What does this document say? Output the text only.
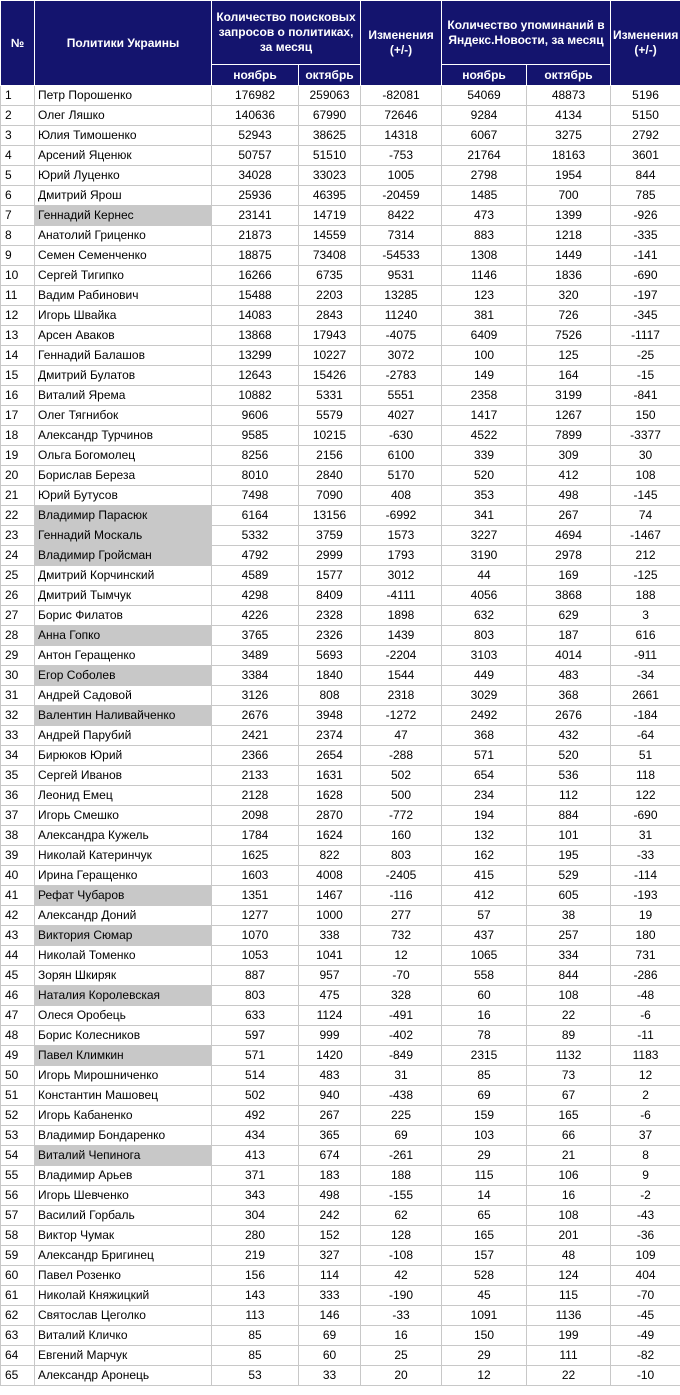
№	Политики Украины	Количество поисковых запросов о политиках, за месяц		Изменения (+/-)	Количество упоминаний в Яндекс.Новости, за месяц		Изменения (+/-)
		ноябрь	октябрь		ноябрь	октябрь	
1	Петр Порошенко	176982	259063	-82081	54069	48873	5196
2	Олег Ляшко	140636	67990	72646	9284	4134	5150
3	Юлия Тимошенко	52943	38625	14318	6067	3275	2792
4	Арсений Яценюк	50757	51510	-753	21764	18163	3601
5	Юрий Луценко	34028	33023	1005	2798	1954	844
6	Дмитрий Ярош	25936	46395	-20459	1485	700	785
7	Геннадий Кернес	23141	14719	8422	473	1399	-926
8	Анатолий Гриценко	21873	14559	7314	883	1218	-335
9	Семен Семенченко	18875	73408	-54533	1308	1449	-141
10	Сергей Тигипко	16266	6735	9531	1146	1836	-690
11	Вадим Рабинович	15488	2203	13285	123	320	-197
12	Игорь Швайка	14083	2843	11240	381	726	-345
13	Арсен Аваков	13868	17943	-4075	6409	7526	-1117
14	Геннадий Балашов	13299	10227	3072	100	125	-25
15	Дмитрий Булатов	12643	15426	-2783	149	164	-15
16	Виталий Ярема	10882	5331	5551	2358	3199	-841
17	Олег Тягнибок	9606	5579	4027	1417	1267	150
18	Александр Турчинов	9585	10215	-630	4522	7899	-3377
19	Ольга Богомолец	8256	2156	6100	339	309	30
20	Борислав Береза	8010	2840	5170	520	412	108
21	Юрий Бутусов	7498	7090	408	353	498	-145
22	Владимир Парасюк	6164	13156	-6992	341	267	74
23	Геннадий Москаль	5332	3759	1573	3227	4694	-1467
24	Владимир Гройсман	4792	2999	1793	3190	2978	212
25	Дмитрий Корчинский	4589	1577	3012	44	169	-125
26	Дмитрий Тымчук	4298	8409	-4111	4056	3868	188
27	Борис Филатов	4226	2328	1898	632	629	3
28	Анна Гопко	3765	2326	1439	803	187	616
29	Антон Геращенко	3489	5693	-2204	3103	4014	-911
30	Егор Соболев	3384	1840	1544	449	483	-34
31	Андрей Садовой	3126	808	2318	3029	368	2661
32	Валентин Наливайченко	2676	3948	-1272	2492	2676	-184
33	Андрей Парубий	2421	2374	47	368	432	-64
34	Бирюков Юрий	2366	2654	-288	571	520	51
35	Сергей Иванов	2133	1631	502	654	536	118
36	Леонид Емец	2128	1628	500	234	112	122
37	Игорь Смешко	2098	2870	-772	194	884	-690
38	Александра Кужель	1784	1624	160	132	101	31
39	Николай Катеринчук	1625	822	803	162	195	-33
40	Ирина Геращенко	1603	4008	-2405	415	529	-114
41	Рефат Чубаров	1351	1467	-116	412	605	-193
42	Александр Доний	1277	1000	277	57	38	19
43	Виктория Сюмар	1070	338	732	437	257	180
44	Николай Томенко	1053	1041	12	1065	334	731
45	Зорян Шкиряк	887	957	-70	558	844	-286
46	Наталия Королевская	803	475	328	60	108	-48
47	Олеся Оробець	633	1124	-491	16	22	-6
48	Борис Колесников	597	999	-402	78	89	-11
49	Павел Климкин	571	1420	-849	2315	1132	1183
50	Игорь Мирошниченко	514	483	31	85	73	12
51	Константин Машовец	502	940	-438	69	67	2
52	Игорь Кабаненко	492	267	225	159	165	-6
53	Владимир Бондаренко	434	365	69	103	66	37
54	Виталий Чепинога	413	674	-261	29	21	8
55	Владимир Арьев	371	183	188	115	106	9
56	Игорь Шевченко	343	498	-155	14	16	-2
57	Василий Горбаль	304	242	62	65	108	-43
58	Виктор Чумак	280	152	128	165	201	-36
59	Александр Бригинец	219	327	-108	157	48	109
60	Павел Розенко	156	114	42	528	124	404
61	Николай Княжицкий	143	333	-190	45	115	-70
62	Святослав Цеголко	113	146	-33	1091	1136	-45
63	Виталий Кличко	85	69	16	150	199	-49
64	Евгений Марчук	85	60	25	29	111	-82
65	Александр Аронець	53	33	20	12	22	-10
